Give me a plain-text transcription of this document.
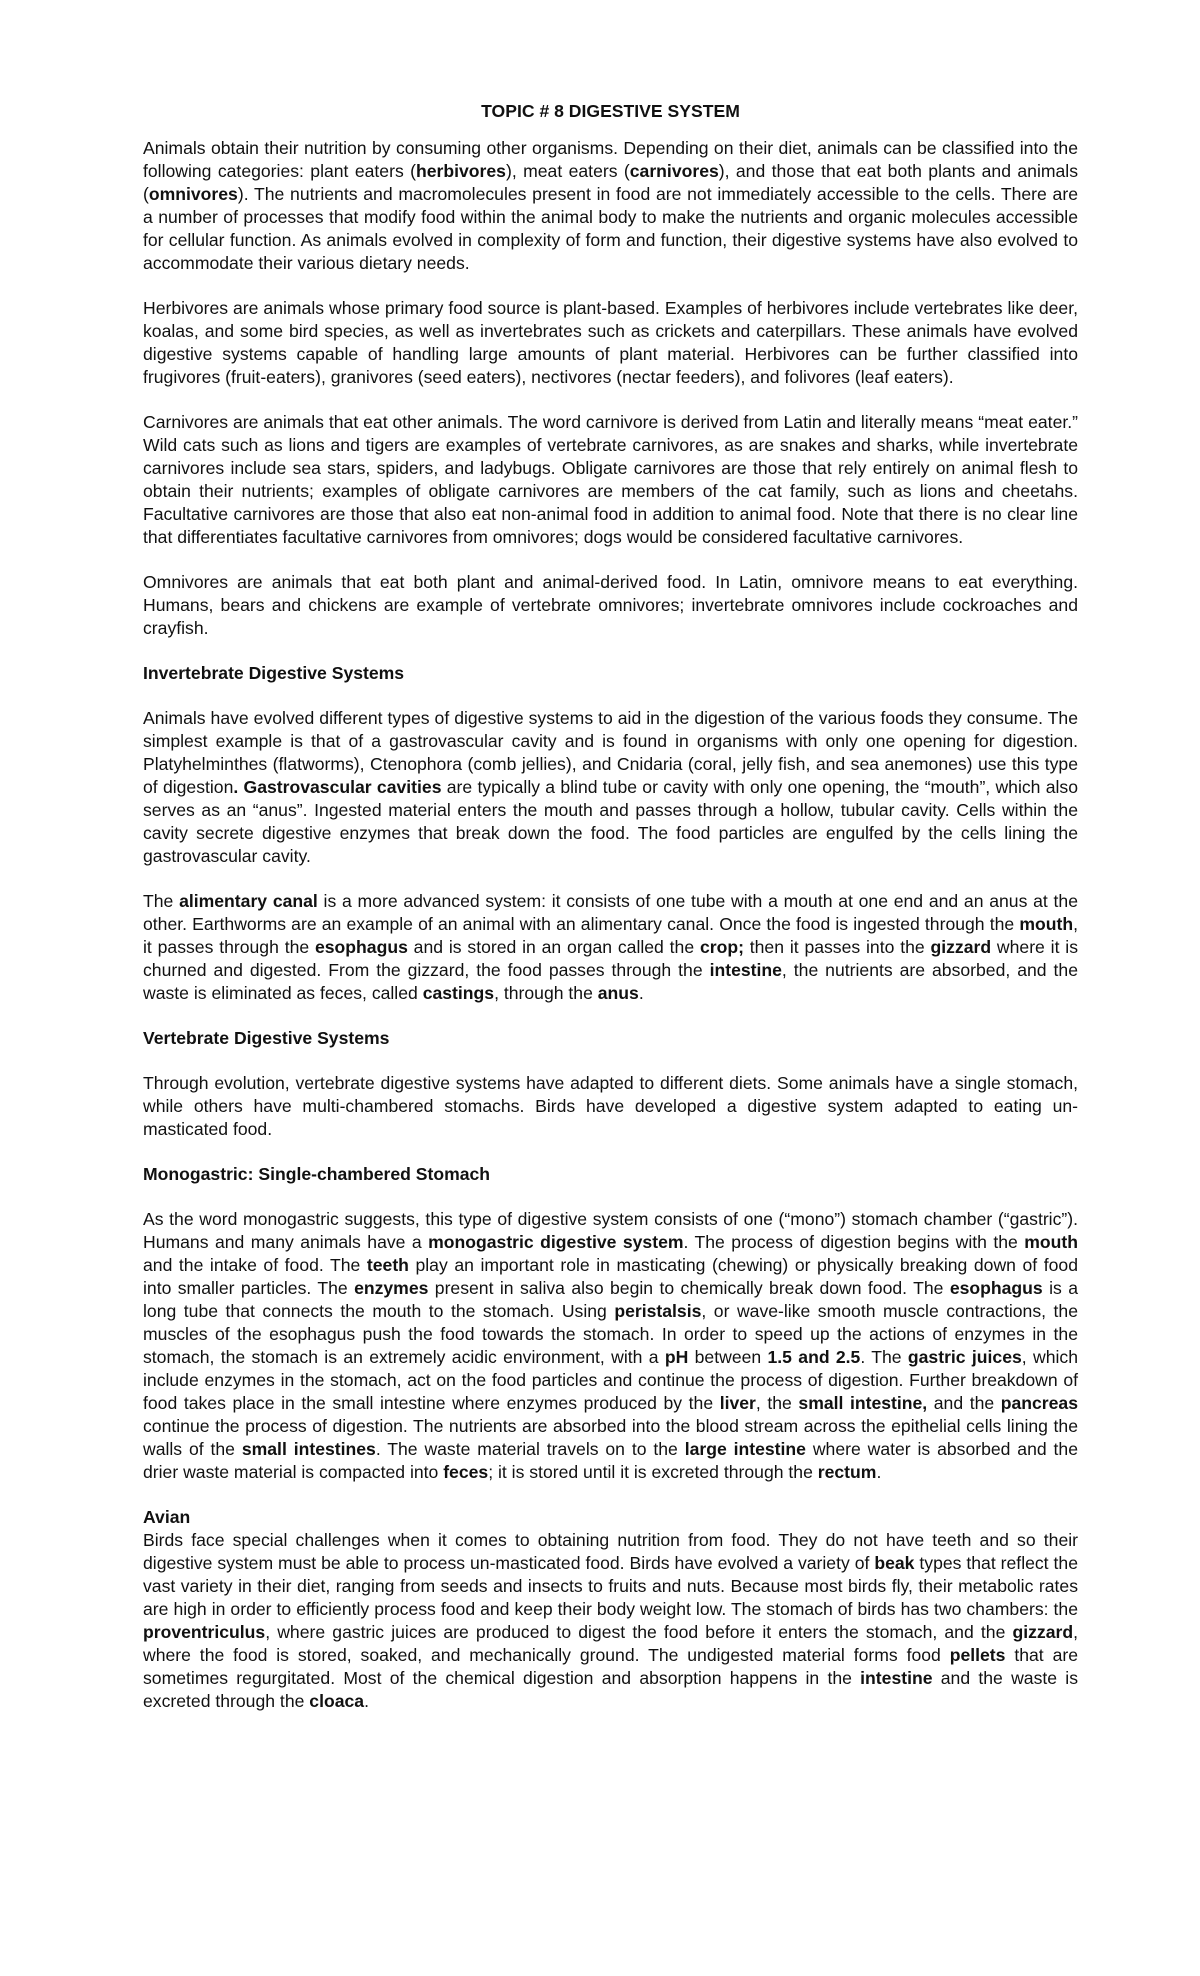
TOPIC # 8 DIGESTIVE SYSTEM

Animals obtain their nutrition by consuming other organisms. Depending on their diet, animals can be classified into the following categories: plant eaters (herbivores), meat eaters (carnivores), and those that eat both plants and animals (omnivores). The nutrients and macromolecules present in food are not immediately accessible to the cells. There are a number of processes that modify food within the animal body to make the nutrients and organic molecules accessible for cellular function. As animals evolved in complexity of form and function, their digestive systems have also evolved to accommodate their various dietary needs.

Herbivores are animals whose primary food source is plant-based. Examples of herbivores include vertebrates like deer, koalas, and some bird species, as well as invertebrates such as crickets and caterpillars. These animals have evolved digestive systems capable of handling large amounts of plant material. Herbivores can be further classified into frugivores (fruit-eaters), granivores (seed eaters), nectivores (nectar feeders), and folivores (leaf eaters).

Carnivores are animals that eat other animals. The word carnivore is derived from Latin and literally means “meat eater.” Wild cats such as lions and tigers are examples of vertebrate carnivores, as are snakes and sharks, while invertebrate carnivores include sea stars, spiders, and ladybugs. Obligate carnivores are those that rely entirely on animal flesh to obtain their nutrients; examples of obligate carnivores are members of the cat family, such as lions and cheetahs. Facultative carnivores are those that also eat non-animal food in addition to animal food. Note that there is no clear line that differentiates facultative carnivores from omnivores; dogs would be considered facultative carnivores.

Omnivores are animals that eat both plant and animal-derived food. In Latin, omnivore means to eat everything. Humans, bears and chickens are example of vertebrate omnivores; invertebrate omnivores include cockroaches and crayfish.

Invertebrate Digestive Systems

Animals have evolved different types of digestive systems to aid in the digestion of the various foods they consume. The simplest example is that of a gastrovascular cavity and is found in organisms with only one opening for digestion. Platyhelminthes (flatworms), Ctenophora (comb jellies), and Cnidaria (coral, jelly fish, and sea anemones) use this type of digestion. Gastrovascular cavities are typically a blind tube or cavity with only one opening, the “mouth”, which also serves as an “anus”. Ingested material enters the mouth and passes through a hollow, tubular cavity. Cells within the cavity secrete digestive enzymes that break down the food. The food particles are engulfed by the cells lining the gastrovascular cavity.

The alimentary canal is a more advanced system: it consists of one tube with a mouth at one end and an anus at the other. Earthworms are an example of an animal with an alimentary canal. Once the food is ingested through the mouth, it passes through the esophagus and is stored in an organ called the crop; then it passes into the gizzard where it is churned and digested. From the gizzard, the food passes through the intestine, the nutrients are absorbed, and the waste is eliminated as feces, called castings, through the anus.

Vertebrate Digestive Systems

Through evolution, vertebrate digestive systems have adapted to different diets. Some animals have a single stomach, while others have multi-chambered stomachs. Birds have developed a digestive system adapted to eating un-masticated food.

Monogastric: Single-chambered Stomach

As the word monogastric suggests, this type of digestive system consists of one (“mono”) stomach chamber (“gastric”). Humans and many animals have a monogastric digestive system. The process of digestion begins with the mouth and the intake of food. The teeth play an important role in masticating (chewing) or physically breaking down of food into smaller particles. The enzymes present in saliva also begin to chemically break down food. The esophagus is a long tube that connects the mouth to the stomach. Using peristalsis, or wave-like smooth muscle contractions, the muscles of the esophagus push the food towards the stomach. In order to speed up the actions of enzymes in the stomach, the stomach is an extremely acidic environment, with a pH between 1.5 and 2.5. The gastric juices, which include enzymes in the stomach, act on the food particles and continue the process of digestion. Further breakdown of food takes place in the small intestine where enzymes produced by the liver, the small intestine, and the pancreas continue the process of digestion. The nutrients are absorbed into the blood stream across the epithelial cells lining the walls of the small intestines. The waste material travels on to the large intestine where water is absorbed and the drier waste material is compacted into feces; it is stored until it is excreted through the rectum.

Avian

Birds face special challenges when it comes to obtaining nutrition from food. They do not have teeth and so their digestive system must be able to process un-masticated food. Birds have evolved a variety of beak types that reflect the vast variety in their diet, ranging from seeds and insects to fruits and nuts. Because most birds fly, their metabolic rates are high in order to efficiently process food and keep their body weight low. The stomach of birds has two chambers: the proventriculus, where gastric juices are produced to digest the food before it enters the stomach, and the gizzard, where the food is stored, soaked, and mechanically ground. The undigested material forms food pellets that are sometimes regurgitated. Most of the chemical digestion and absorption happens in the intestine and the waste is excreted through the cloaca.
